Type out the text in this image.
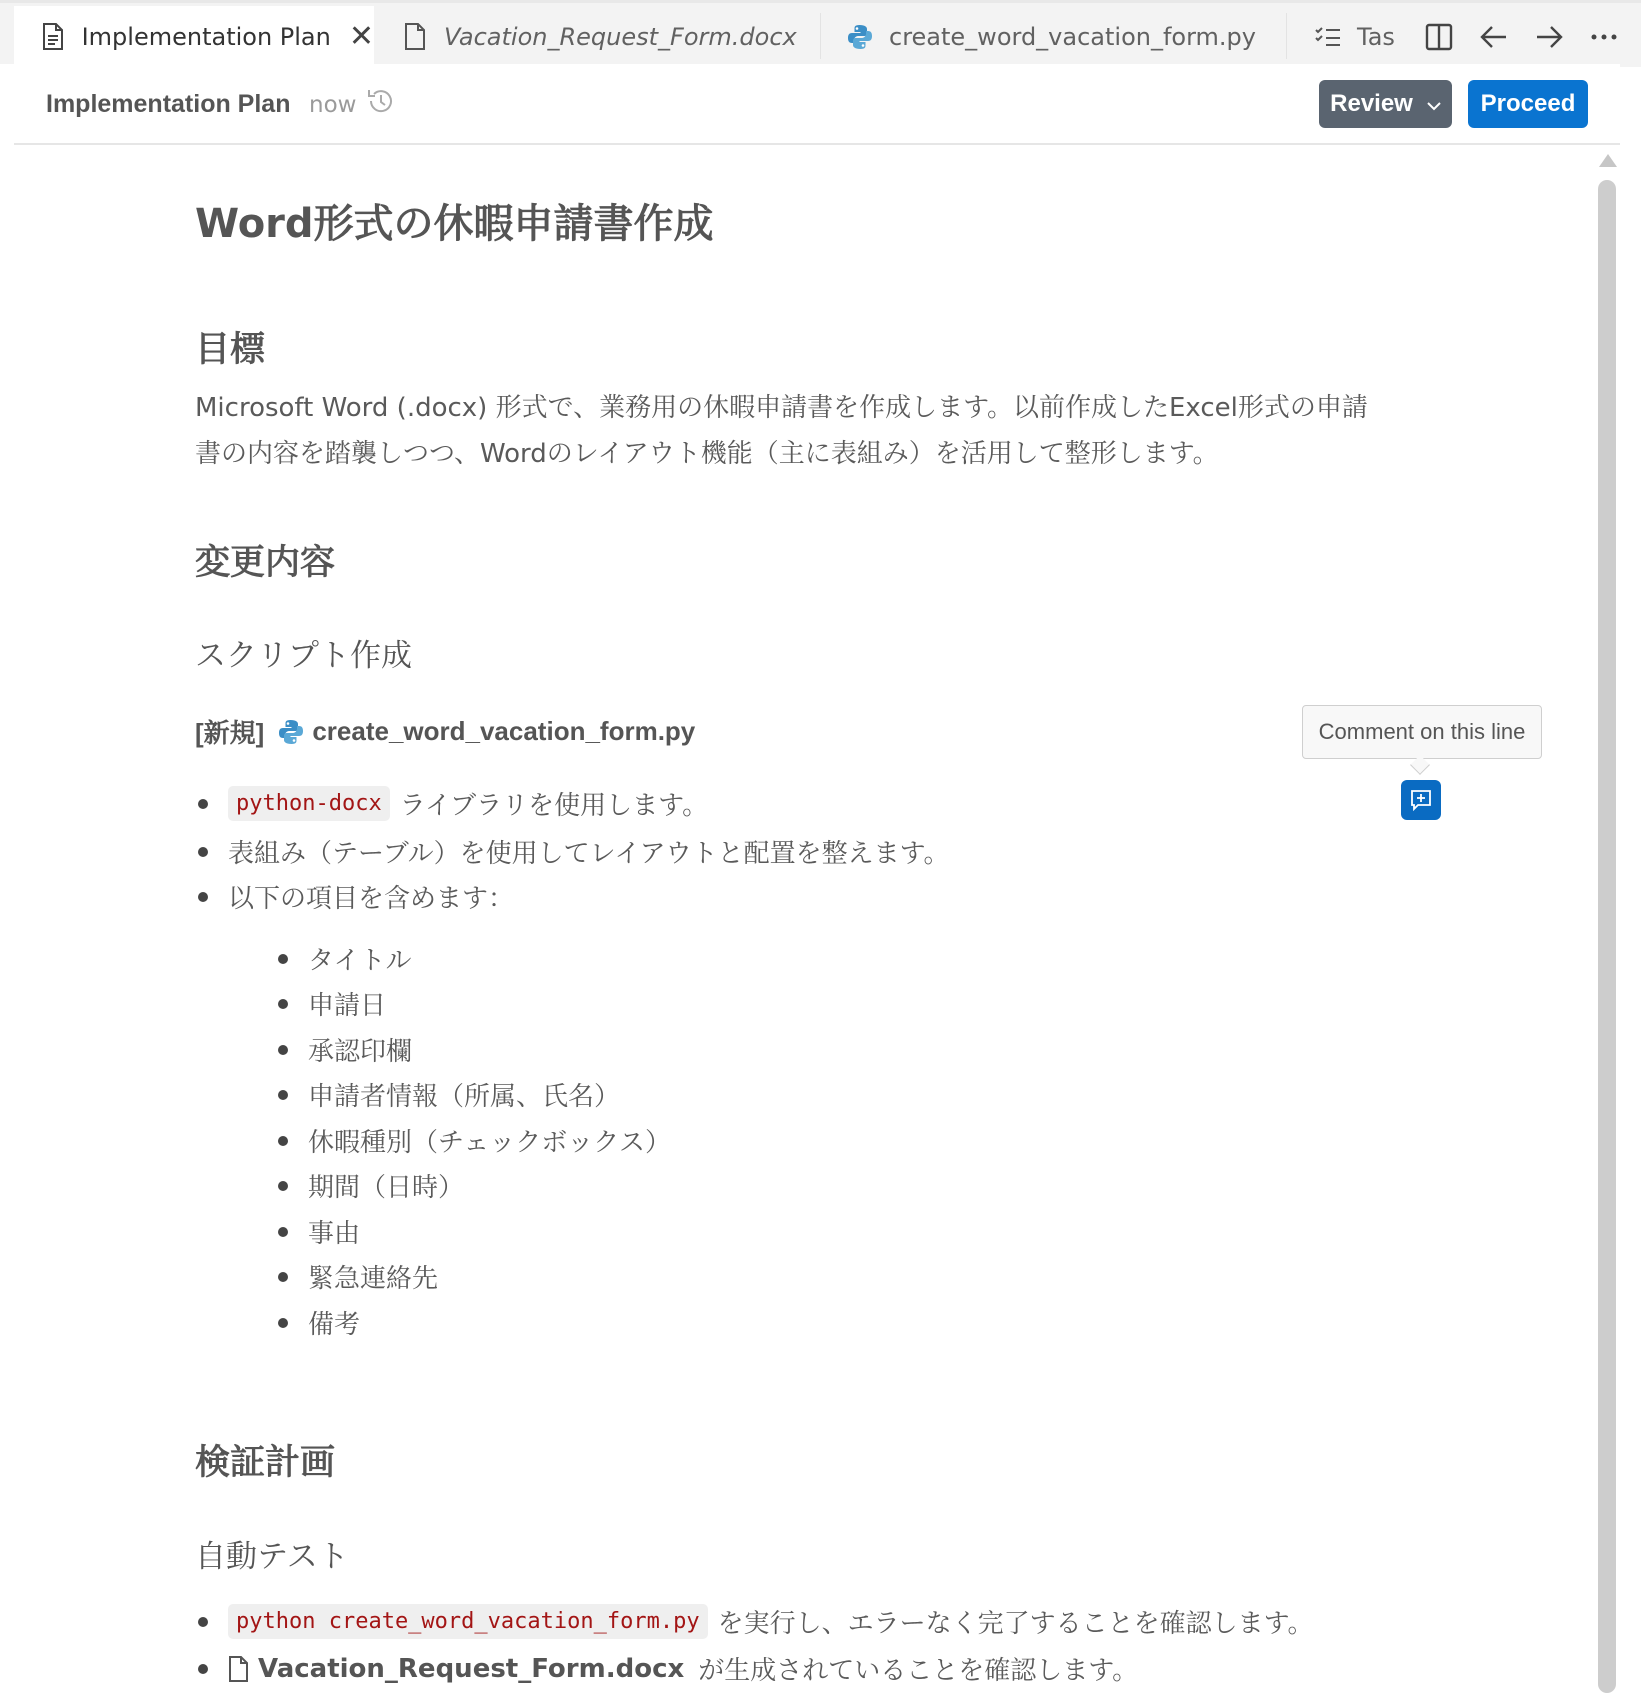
Implementation Plan ✕	Vacation_Request_Form.docx	create_word_vacation_form.py	Tas
Implementation Plan now	Review	Proceed
Word形式の休暇申請書作成
目標
Microsoft Word (.docx) 形式で、業務用の休暇申請書を作成します。以前作成したExcel形式の申請
書の内容を踏襲しつつ、Wordのレイアウト機能（主に表組み）を活用して整形します。
変更内容
スクリプト作成
[新規] create_word_vacation_form.py
python-docx ライブラリを使用します。
表組み（テーブル）を使用してレイアウトと配置を整えます。
以下の項目を含めます：
タイトル
申請日
承認印欄
申請者情報（所属、氏名）
休暇種別（チェックボックス）
期間（日時）
事由
緊急連絡先
備考
検証計画
自動テスト
python create_word_vacation_form.py を実行し、エラーなく完了することを確認します。
Vacation_Request_Form.docx が生成されていることを確認します。
Comment on this line
